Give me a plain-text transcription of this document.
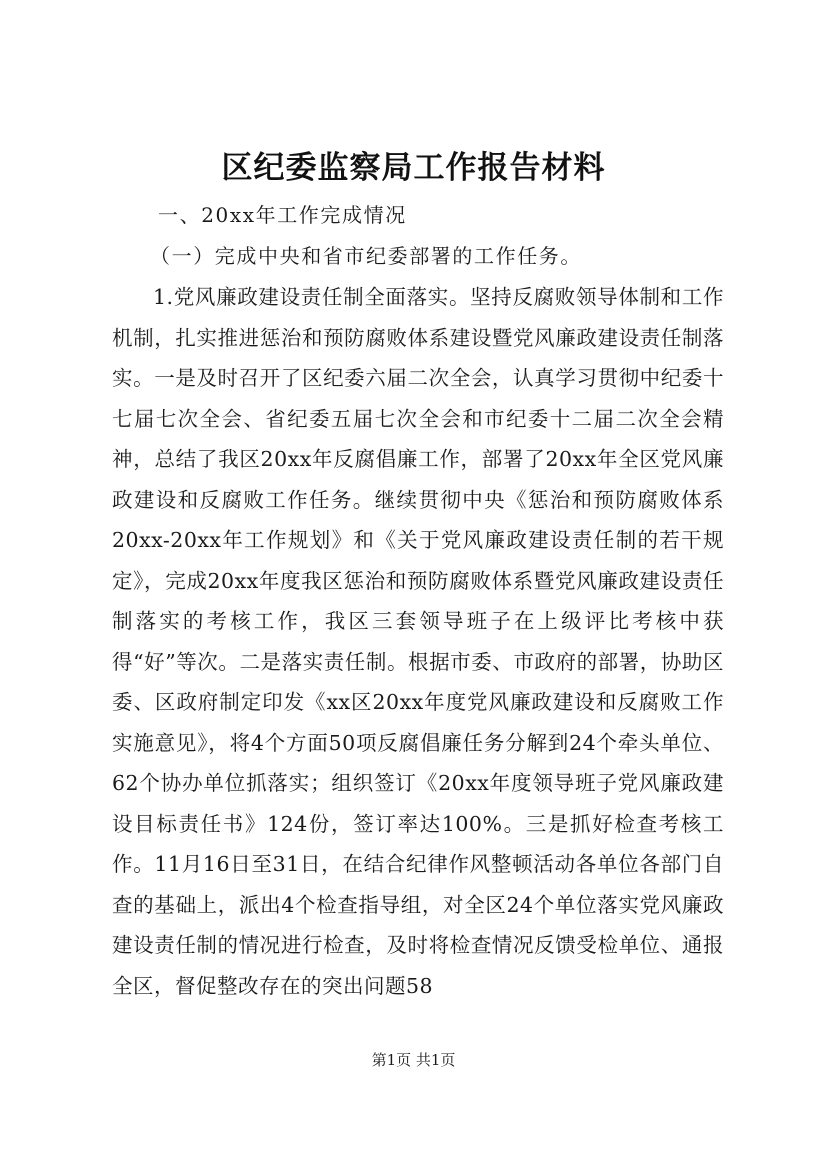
区纪委监察局工作报告材料
一、20xx年工作完成情况
（一）完成中央和省市纪委部署的工作任务。

1.党风廉政建设责任制全面落实。坚持反腐败领导体制和工作机制，扎实推进惩治和预防腐败体系建设暨党风廉政建设责任制落实。一是及时召开了区纪委六届二次全会，认真学习贯彻中纪委十七届七次全会、省纪委五届七次全会和市纪委十二届二次全会精神，总结了我区20xx年反腐倡廉工作，部署了20xx年全区党风廉政建设和反腐败工作任务。继续贯彻中央《惩治和预防腐败体系20xx-20xx年工作规划》和《关于党风廉政建设责任制的若干规定》，完成20xx年度我区惩治和预防腐败体系暨党风廉政建设责任制落实的考核工作，我区三套领导班子在上级评比考核中获得“好”等次。二是落实责任制。根据市委、市政府的部署，协助区委、区政府制定印发《xx区20xx年度党风廉政建设和反腐败工作实施意见》，将4个方面50项反腐倡廉任务分解到24个牵头单位、62个协办单位抓落实；组织签订《20xx年度领导班子党风廉政建设目标责任书》124份，签订率达100%。三是抓好检查考核工作。11月16日至31日，在结合纪律作风整顿活动各单位各部门自查的基础上，派出4个检查指导组，对全区24个单位落实党风廉政建设责任制的情况进行检查，及时将检查情况反馈受检单位、通报全区，督促整改存在的突出问题58

第1页 共1页
